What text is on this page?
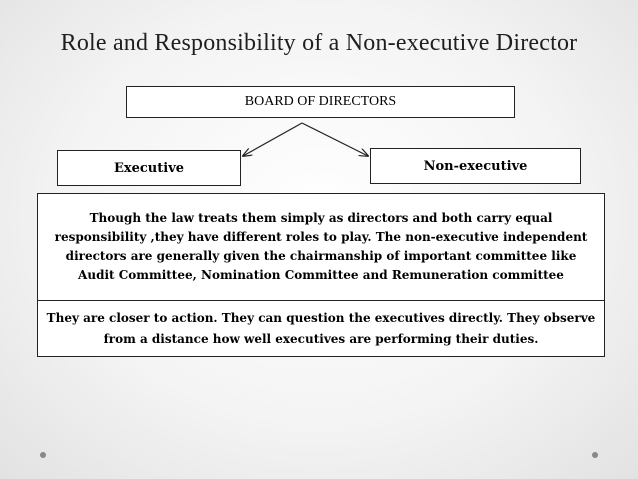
Role and Responsibility of a Non-executive Director
BOARD OF DIRECTORS
Executive	Non-executive
Though the law treats them simply as directors and both carry equal responsibility ,they have different roles to play. The non-executive independent directors are generally given the chairmanship of important committee like Audit Committee, Nomination Committee and Remuneration committee
They are closer to action. They can question the executives directly. They observe from a distance how well executives are performing their duties.
